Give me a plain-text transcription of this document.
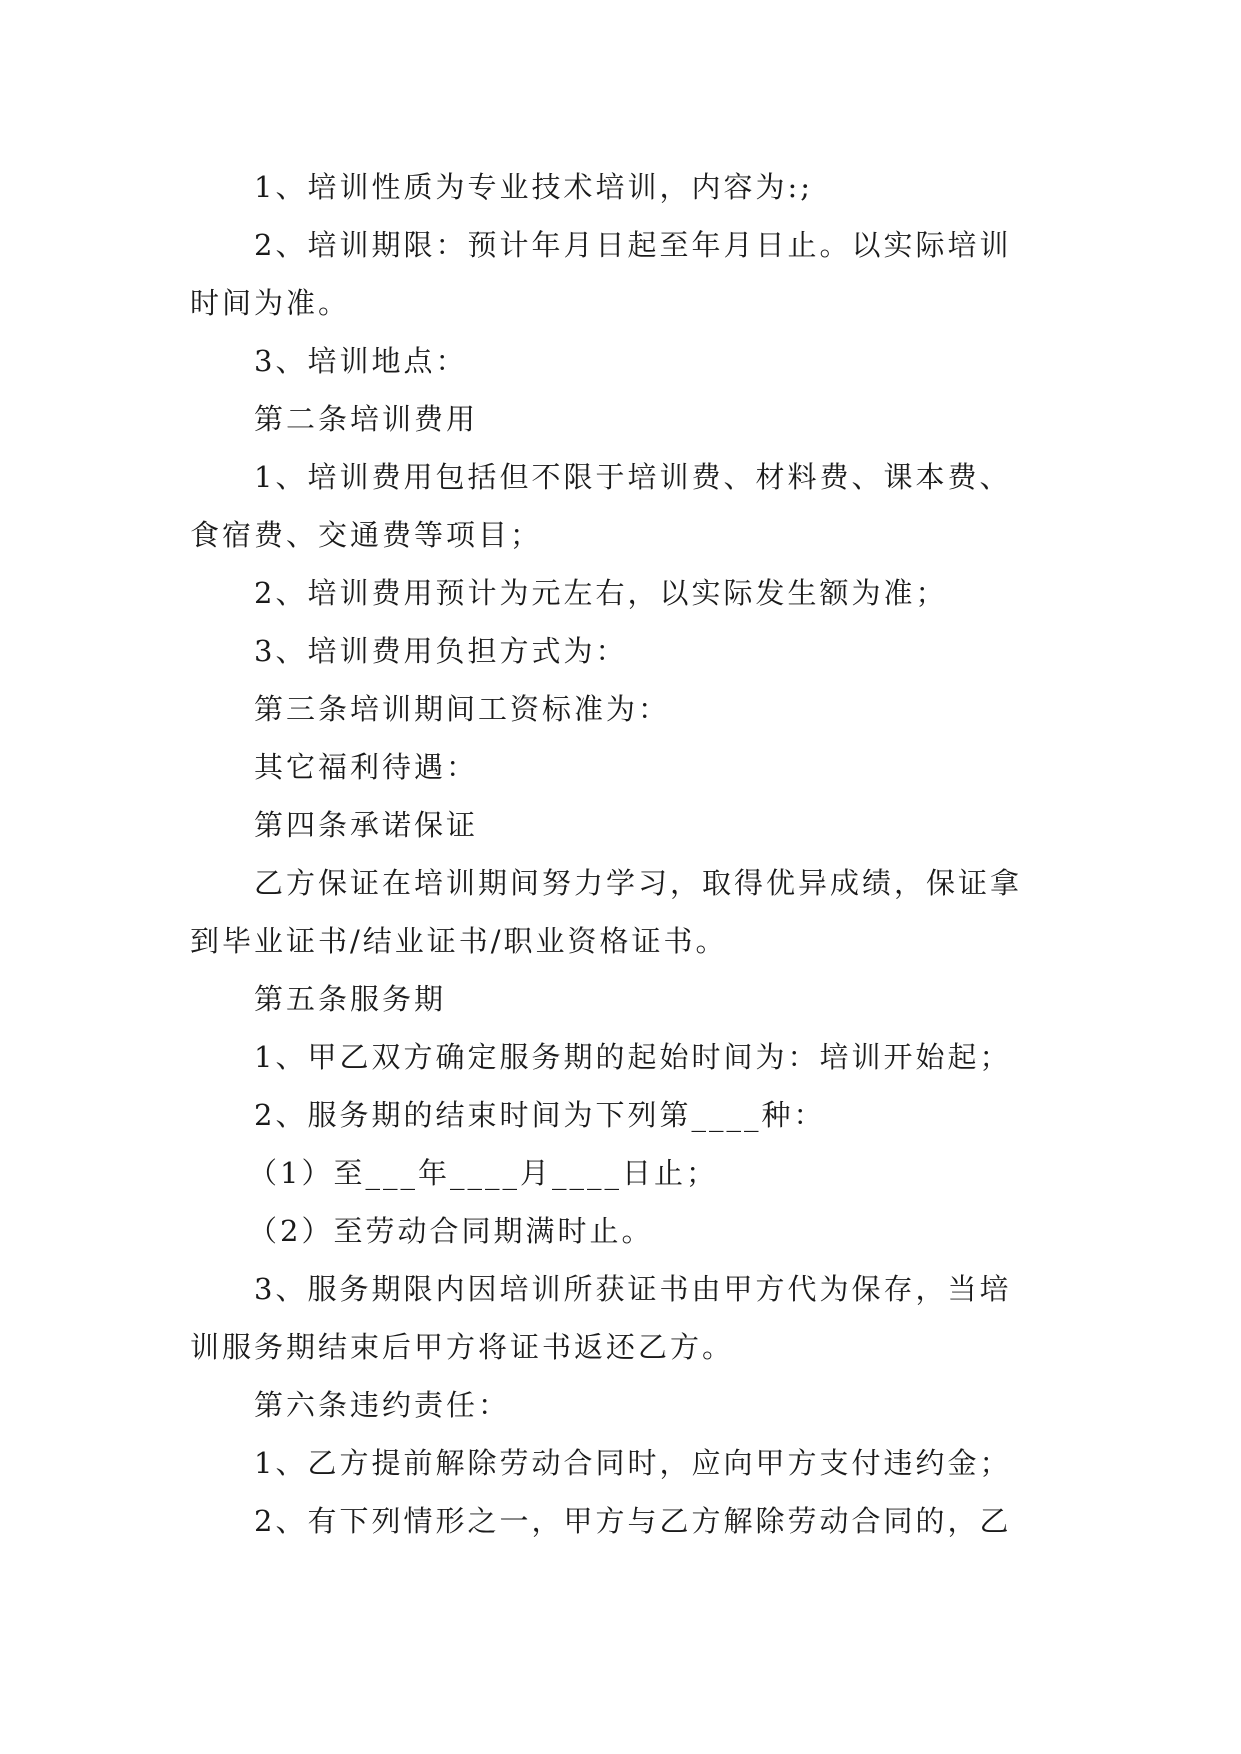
1、培训性质为专业技术培训，内容为:;

2、培训期限：预计年月日起至年月日止。以实际培训

时间为准。

3、培训地点：

第二条培训费用

1、培训费用包括但不限于培训费、材料费、课本费、

食宿费、交通费等项目；

2、培训费用预计为元左右，以实际发生额为准；

3、培训费用负担方式为：

第三条培训期间工资标准为：

其它福利待遇：

第四条承诺保证

乙方保证在培训期间努力学习，取得优异成绩，保证拿

到毕业证书/结业证书/职业资格证书。

第五条服务期

1、甲乙双方确定服务期的起始时间为：培训开始起；

2、服务期的结束时间为下列第____种：

（1）至___年____月____日止；

（2）至劳动合同期满时止。

3、服务期限内因培训所获证书由甲方代为保存，当培

训服务期结束后甲方将证书返还乙方。

第六条违约责任：

1、乙方提前解除劳动合同时，应向甲方支付违约金；

2、有下列情形之一，甲方与乙方解除劳动合同的，乙
